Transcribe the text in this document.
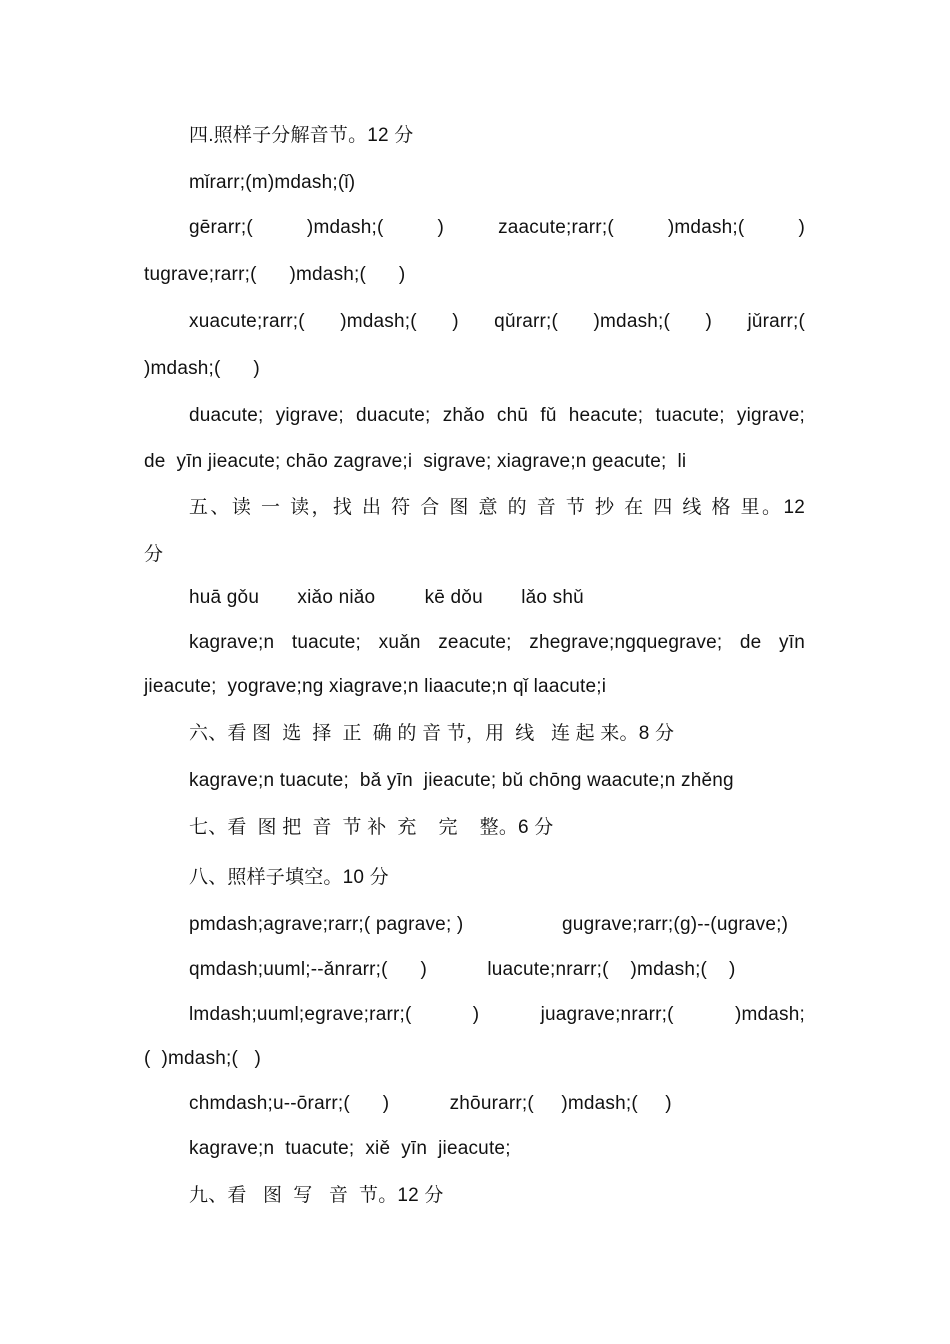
四.照样子分解音节。12 分
mǐrarr;(m)mdash;(ǐ)
gērarr;( )mdash;( ) zaacute;rarr;( )mdash;( )
tugrave;rarr;(      )mdash;(      )
xuacute;rarr;( )mdash;( ) qǔrarr;( )mdash;( ) jǔrarr;(
)mdash;(      )
duacute; yigrave; duacute; zhǎo chū fǔ heacute; tuacute; yigrave;
de  yīn jieacute; chāo zagrave;i  sigrave; xiagrave;n geacute;  li
五、读 一 读，找 出 符 合 图 意 的 音 节 抄 在 四 线 格 里。12
分
huā gǒu       xiǎo niǎo         kē dǒu       lǎo shǔ
kagrave;n tuacute; xuǎn zeacute; zhegrave;ngquegrave; de yīn
jieacute;  yograve;ng xiagrave;n liaacute;n qǐ laacute;i
六、看 图  选  择  正  确 的 音 节，用  线   连 起 来。8 分
kagrave;n tuacute;  bǎ yīn  jieacute; bǔ chōng waacute;n zhěng
七、看  图 把  音  节 补  充    完    整。6 分
八、照样子填空。10 分
pmdash;agrave;rarr;( pagrave; )                  gugrave;rarr;(g)--(ugrave;)
qmdash;uuml;--ǎnrarr;(      )           luacute;nrarr;(    )mdash;(    )
lmdash;uuml;egrave;rarr;( ) juagrave;nrarr;( )mdash;
(  )mdash;(   )
chmdash;u--ōrarr;(      )           zhōurarr;(     )mdash;(     )
kagrave;n  tuacute;  xiě  yīn  jieacute;
九、看   图  写   音  节。12 分
